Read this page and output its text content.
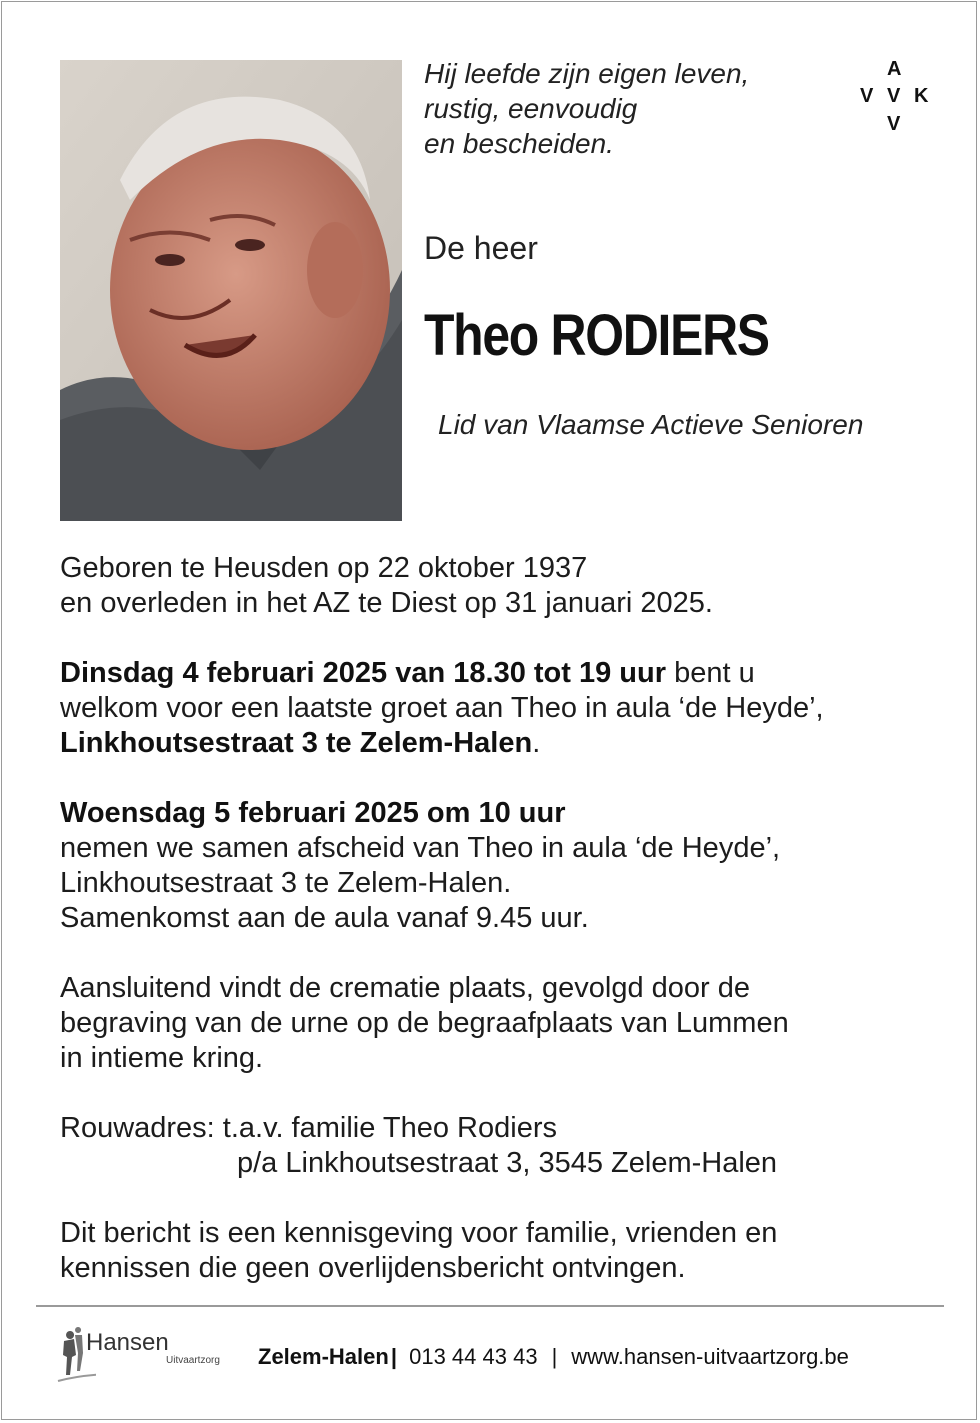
Hij leefde zijn eigen leven,
rustig, eenvoudig
en bescheiden.
A
V V K
V
De heer
Theo RODIERS
Lid van Vlaamse Actieve Senioren

Geboren te Heusden op 22 oktober 1937
en overleden in het AZ te Diest op 31 januari 2025.

Dinsdag 4 februari 2025 van 18.30 tot 19 uur bent u
welkom voor een laatste groet aan Theo in aula ‘de Heyde’,
Linkhoutsestraat 3 te Zelem-Halen.

Woensdag 5 februari 2025 om 10 uur
nemen we samen afscheid van Theo in aula ‘de Heyde’,
Linkhoutsestraat 3 te Zelem-Halen.
Samenkomst aan de aula vanaf 9.45 uur.

Aansluitend vindt de crematie plaats, gevolgd door de
begraving van de urne op de begraafplaats van Lummen
in intieme kring.

Rouwadres: t.a.v. familie Theo Rodiers
p/a Linkhoutsestraat 3, 3545 Zelem-Halen

Dit bericht is een kennisgeving voor familie, vrienden en
kennissen die geen overlijdensbericht ontvingen.

Hansen
Uitvaartzorg Zelem-Halen| 013 44 43 43 | www.hansen-uitvaartzorg.be
